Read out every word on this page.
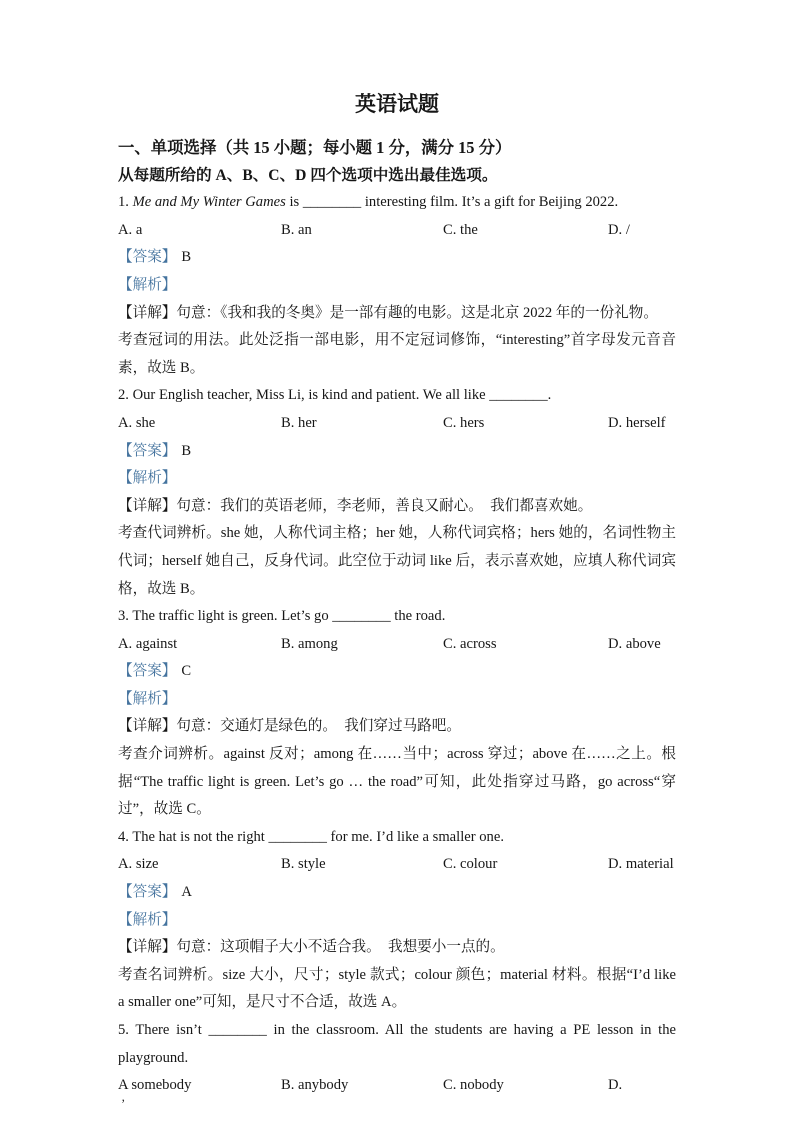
英语试题
一、单项选择（共 15 小题；每小题 1 分，满分 15 分）
从每题所给的 A、B、C、D 四个选项中选出最佳选项。
1. Me and My Winter Games is ________ interesting film. It’s a gift for Beijing 2022.
A. a	B. an	C. the	D. /
【答案】 B
【解析】

【详解】句意：《我和我的冬奥》是一部有趣的电影。这是北京 2022 年的一份礼物。

考查冠词的用法。此处泛指一部电影，用不定冠词修饰，“interesting”首字母发元音音素，故选 B。

2. Our English teacher, Miss Li, is kind and patient. We all like ________.
A. she	B. her	C. hers	D. herself
【答案】 B
【解析】

【详解】句意：我们的英语老师，李老师，善良又耐心。　我们都喜欢她。

考查代词辨析。she 她，人称代词主格；her 她，人称代词宾格；hers 她的，名词性物主代词；herself 她自己，反身代词。此空位于动词 like 后，表示喜欢她，应填人称代词宾格，故选 B。

3. The traffic light is green. Let’s go ________ the road.
A. against	B. among	C. across	D. above
【答案】 C
【解析】

【详解】句意：交通灯是绿色的。　我们穿过马路吧。

考查介词辨析。against 反对；among 在……当中；across 穿过；above 在……之上。根据“The traffic light is green. Let’s go … the road”可知，此处指穿过马路，go across“穿过”，故选 C。

4. The hat is not the right ________ for me. I’d like a smaller one.
A. size	B. style	C. colour	D. material
【答案】 A
【解析】

【详解】句意：这项帽子大小不适合我。　我想要小一点的。

考查名词辨析。size 大小，尺寸；style 款式；colour 颜色；material 材料。根据“I’d like a smaller one”可知，是尺寸不合适，故选 A。

5. There isn’t ________ in the classroom. All the students are having a PE lesson in the playground.

A somebody	B. anybody	C. nobody	D.
’
